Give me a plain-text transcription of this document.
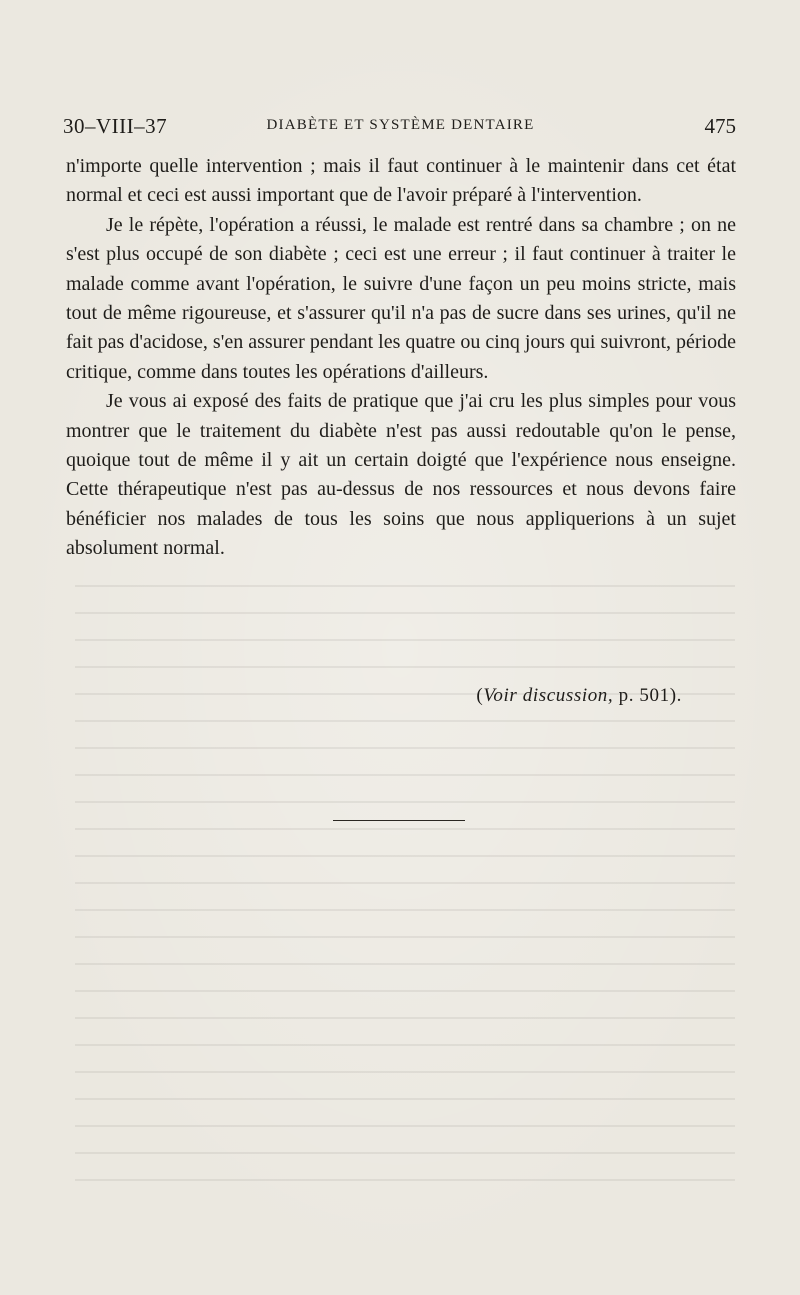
30–VIII–37	DIABÈTE ET SYSTÈME DENTAIRE	475

n'importe quelle intervention ; mais il faut continuer à le maintenir dans cet état normal et ceci est aussi important que de l'avoir préparé à l'intervention.

Je le répète, l'opération a réussi, le malade est rentré dans sa chambre ; on ne s'est plus occupé de son diabète ; ceci est une erreur ; il faut continuer à traiter le malade comme avant l'opération, le suivre d'une façon un peu moins stricte, mais tout de même rigoureuse, et s'assurer qu'il n'a pas de sucre dans ses urines, qu'il ne fait pas d'acidose, s'en assurer pendant les quatre ou cinq jours qui suivront, période critique, comme dans toutes les opérations d'ailleurs.

Je vous ai exposé des faits de pratique que j'ai cru les plus simples pour vous montrer que le traitement du diabète n'est pas aussi redoutable qu'on le pense, quoique tout de même il y ait un certain doigté que l'expérience nous enseigne. Cette thérapeutique n'est pas au-dessus de nos ressources et nous devons faire bénéficier nos malades de tous les soins que nous appliquerions à un sujet absolument normal.

(Voir discussion, p. 501).
